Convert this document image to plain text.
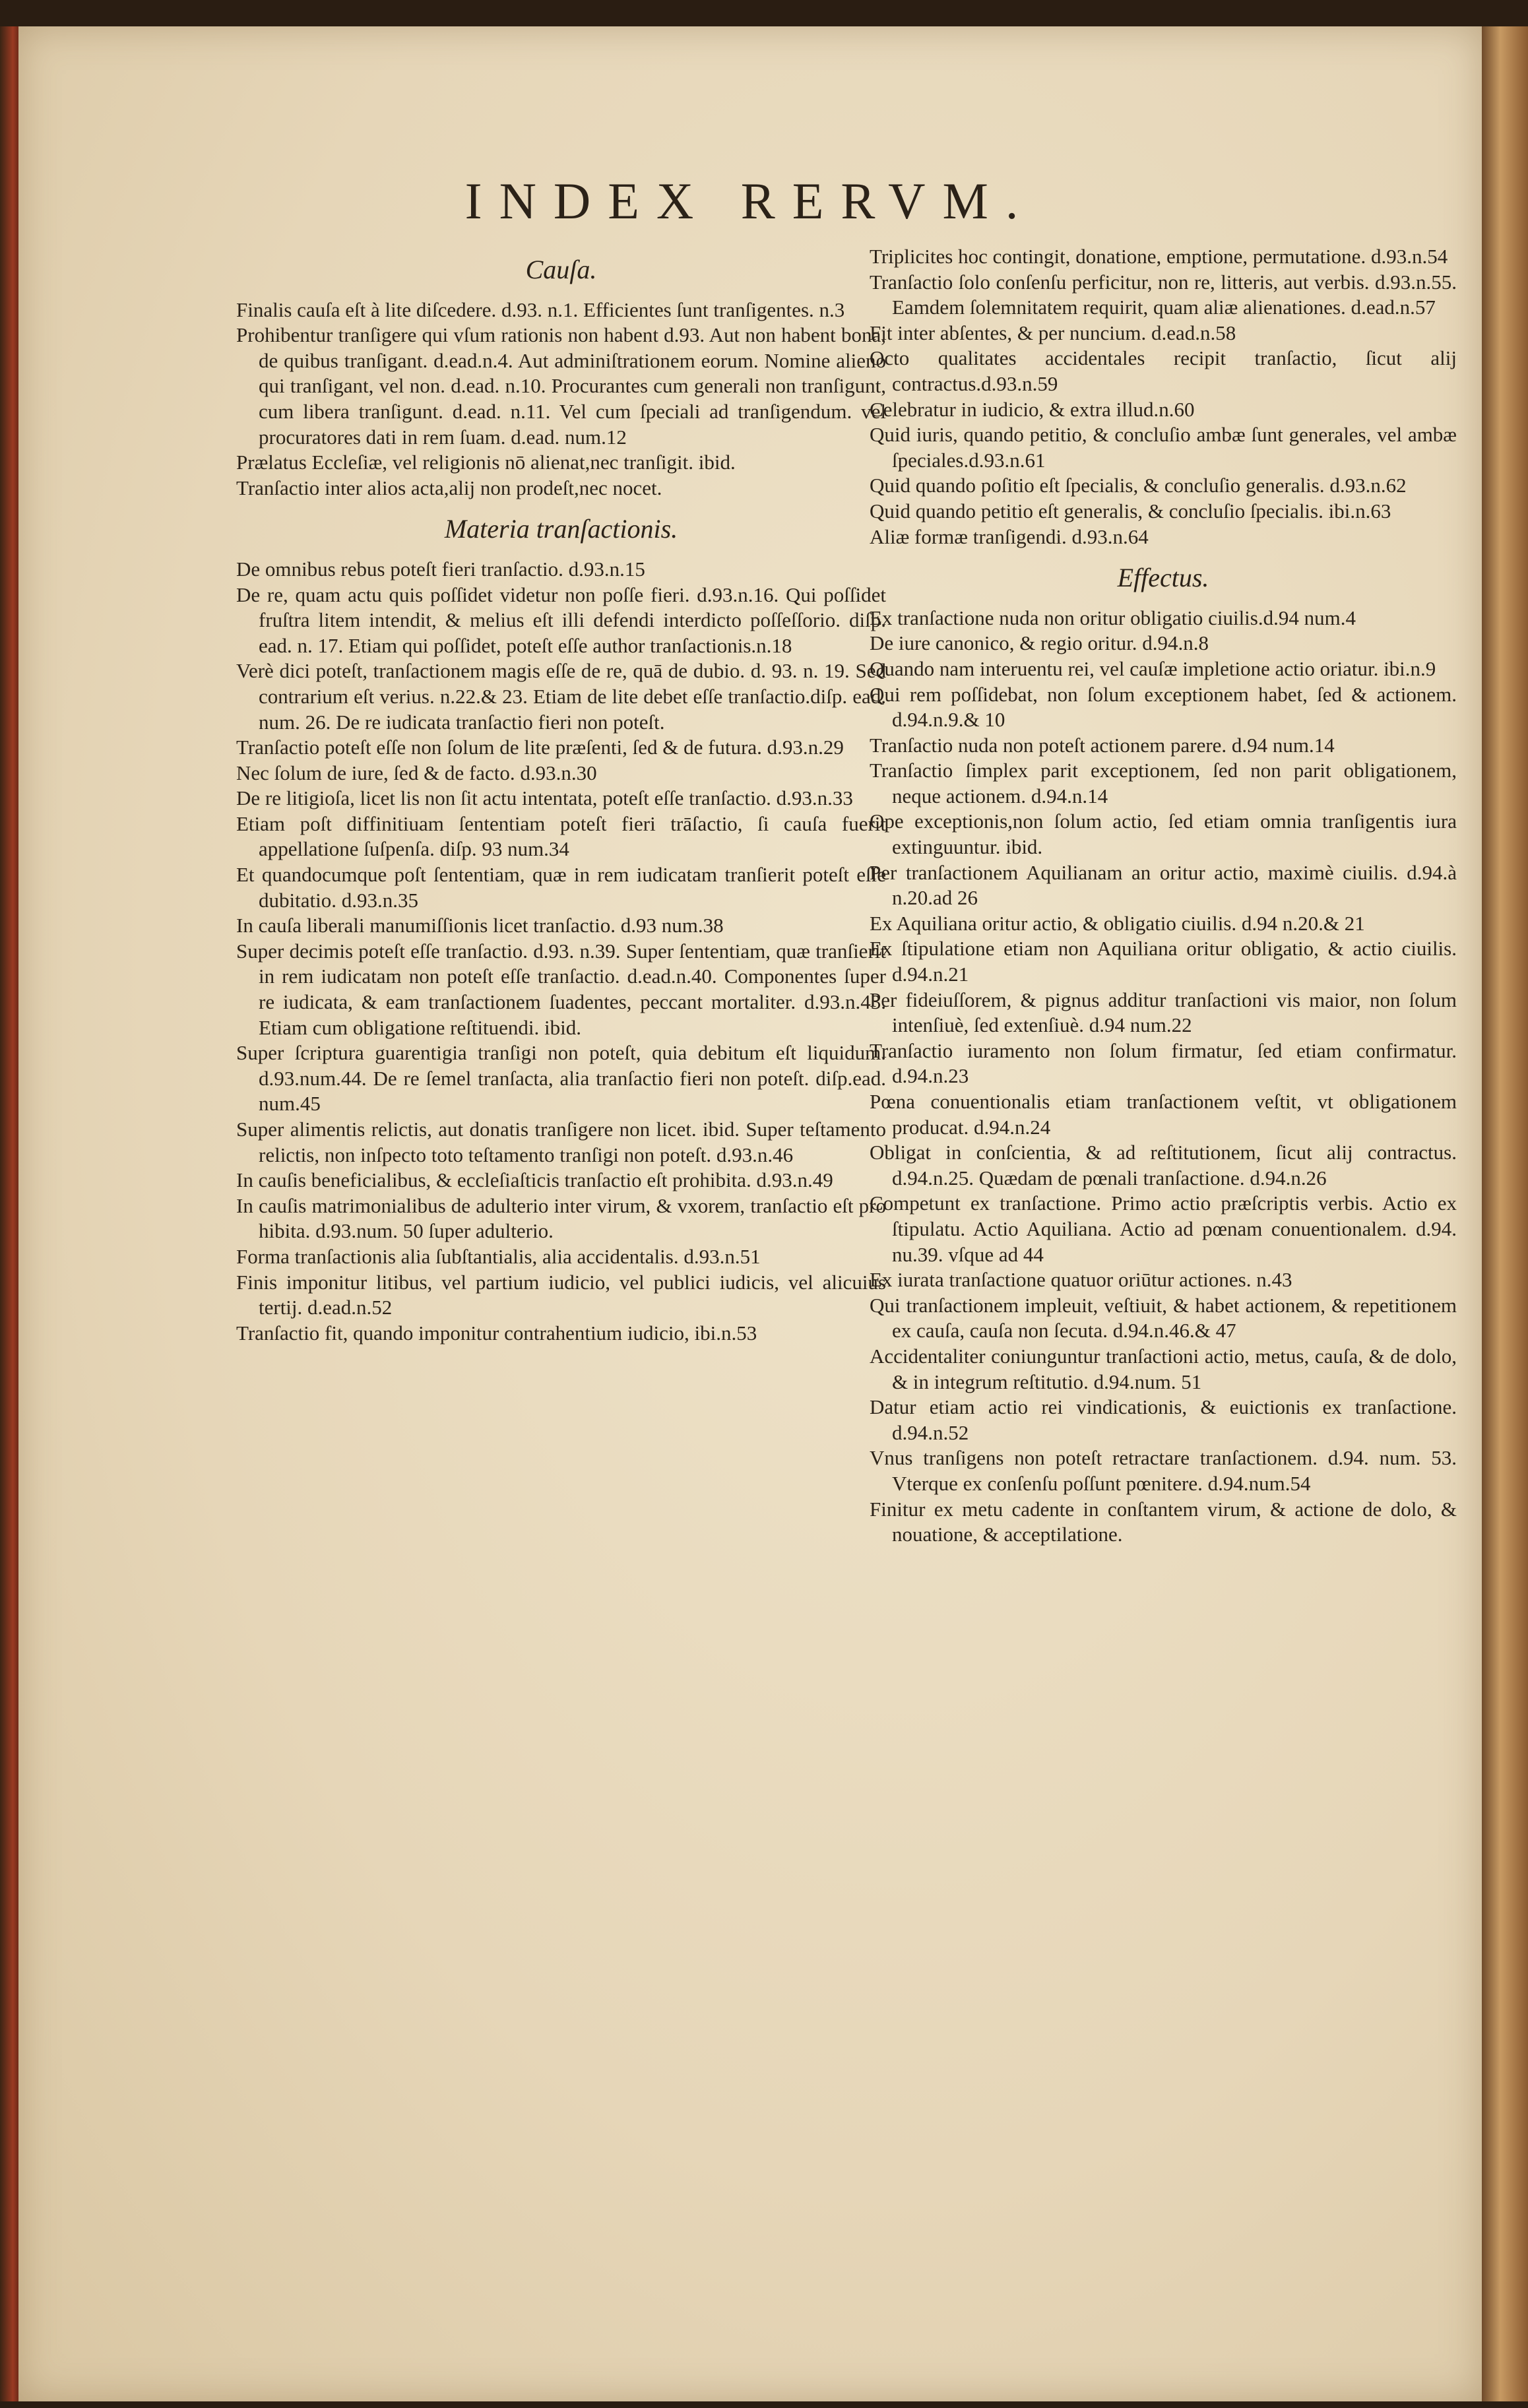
INDEX RERVM.
Cauſa.
Finalis cauſa eſt à lite diſcedere. d.93. n.1. Efficientes ſunt tranſigentes. n.3
Prohibentur tranſigere qui vſum rationis non habent d.93. Aut non habent bona, de quibus tranſigant. d.ead.n.4. Aut adminiſtrationem eorum. Nomine alieno qui tranſigant, vel non. d.ead. n.10. Procurantes cum generali non tranſigunt, cum libera tranſigunt. d.ead. n.11. Vel cum ſpeciali ad tranſigendum. vel procuratores dati in rem ſuam. d.ead. num.12
Prælatus Eccleſiæ, vel religionis nō alienat,nec tranſigit. ibid.
Tranſactio inter alios acta,alij non prodeſt,nec nocet.
Materia tranſactionis.
De omnibus rebus poteſt fieri tranſactio. d.93.n.15
De re, quam actu quis poſſidet videtur non poſſe fieri. d.93.n.16. Qui poſſidet fruſtra litem intendit, & melius eſt illi defendi interdicto poſſeſſorio. diſp. ead. n. 17. Etiam qui poſſidet, poteſt eſſe author tranſactionis.n.18
Verè dici poteſt, tranſactionem magis eſſe de re, quā de dubio. d. 93. n. 19. Sed contrarium eſt verius. n.22.& 23. Etiam de lite debet eſſe tranſactio.diſp. ead. num. 26. De re iudicata tranſactio fieri non poteſt.
Tranſactio poteſt eſſe non ſolum de lite præſenti, ſed & de futura. d.93.n.29
Nec ſolum de iure, ſed & de facto. d.93.n.30
De re litigioſa, licet lis non ſit actu intentata, poteſt eſſe tranſactio. d.93.n.33
Etiam poſt diffinitiuam ſententiam poteſt fieri trāſactio, ſi cauſa fuerit appellatione ſuſpenſa. diſp. 93 num.34
Et quandocumque poſt ſententiam, quæ in rem iudicatam tranſierit poteſt eſſe dubitatio. d.93.n.35
In cauſa liberali manumiſſionis licet tranſactio. d.93 num.38
Super decimis poteſt eſſe tranſactio. d.93. n.39. Super ſententiam, quæ tranſierit in rem iudicatam non poteſt eſſe tranſactio. d.ead.n.40. Componentes ſuper re iudicata, & eam tranſactionem ſuadentes, peccant mortaliter. d.93.n.43. Etiam cum obligatione reſtituendi. ibid.
Super ſcriptura guarentigia tranſigi non poteſt, quia debitum eſt liquidum. d.93.num.44. De re ſemel tranſacta, alia tranſactio fieri non poteſt. diſp.ead. num.45
Super alimentis relictis, aut donatis tranſigere non licet. ibid. Super teſtamento relictis, non inſpecto toto teſtamento tranſigi non poteſt. d.93.n.46
In cauſis beneficialibus, & eccleſiaſticis tranſactio eſt prohibita. d.93.n.49
In cauſis matrimonialibus de adulterio inter virum, & vxorem, tranſactio eſt pro hibita. d.93.num. 50 ſuper adulterio.
Forma tranſactionis alia ſubſtantialis, alia accidentalis. d.93.n.51
Finis imponitur litibus, vel partium iudicio, vel publici iudicis, vel alicuius tertij. d.ead.n.52
Tranſactio fit, quando imponitur contrahentium iudicio, ibi.n.53
Triplicites hoc contingit, donatione, emptione, permutatione. d.93.n.54
Tranſactio ſolo conſenſu perficitur, non re, litteris, aut verbis. d.93.n.55. Eamdem ſolemnitatem requirit, quam aliæ alienationes. d.ead.n.57
Fit inter abſentes, & per nuncium. d.ead.n.58
Octo qualitates accidentales recipit tranſactio, ſicut alij contractus.d.93.n.59
Celebratur in iudicio, & extra illud.n.60
Quid iuris, quando petitio, & concluſio ambæ ſunt generales, vel ambæ ſpeciales.d.93.n.61
Quid quando poſitio eſt ſpecialis, & concluſio generalis. d.93.n.62
Quid quando petitio eſt generalis, & concluſio ſpecialis. ibi.n.63
Aliæ formæ tranſigendi. d.93.n.64
Effectus.
Ex tranſactione nuda non oritur obligatio ciuilis.d.94 num.4
De iure canonico, & regio oritur. d.94.n.8
Quando nam interuentu rei, vel cauſæ impletione actio oriatur. ibi.n.9
Qui rem poſſidebat, non ſolum exceptionem habet, ſed & actionem. d.94.n.9.& 10
Tranſactio nuda non poteſt actionem parere. d.94 num.14
Tranſactio ſimplex parit exceptionem, ſed non parit obligationem, neque actionem. d.94.n.14
Ope exceptionis,non ſolum actio, ſed etiam omnia tranſigentis iura extinguuntur. ibid.
Per tranſactionem Aquilianam an oritur actio, maximè ciuilis. d.94.à n.20.ad 26
Ex Aquiliana oritur actio, & obligatio ciuilis. d.94 n.20.& 21
Ex ſtipulatione etiam non Aquiliana oritur obligatio, & actio ciuilis. d.94.n.21
Per fideiuſſorem, & pignus additur tranſactioni vis maior, non ſolum intenſiuè, ſed extenſiuè. d.94 num.22
Tranſactio iuramento non ſolum firmatur, ſed etiam confirmatur. d.94.n.23
Pœna conuentionalis etiam tranſactionem veſtit, vt obligationem producat. d.94.n.24
Obligat in conſcientia, & ad reſtitutionem, ſicut alij contractus. d.94.n.25. Quædam de pœnali tranſactione. d.94.n.26
Competunt ex tranſactione. Primo actio præſcriptis verbis. Actio ex ſtipulatu. Actio Aquiliana. Actio ad pœnam conuentionalem. d.94. nu.39. vſque ad 44
Ex iurata tranſactione quatuor oriūtur actiones. n.43
Qui tranſactionem impleuit, veſtiuit, & habet actionem, & repetitionem ex cauſa, cauſa non ſecuta. d.94.n.46.& 47
Accidentaliter coniunguntur tranſactioni actio, metus, cauſa, & de dolo, & in integrum reſtitutio. d.94.num. 51
Datur etiam actio rei vindicationis, & euictionis ex tranſactione. d.94.n.52
Vnus tranſigens non poteſt retractare tranſactionem. d.94. num. 53. Vterque ex conſenſu poſſunt pœnitere. d.94.num.54
Finitur ex metu cadente in conſtantem virum, & actione de dolo, & nouatione, & acceptilatione.
